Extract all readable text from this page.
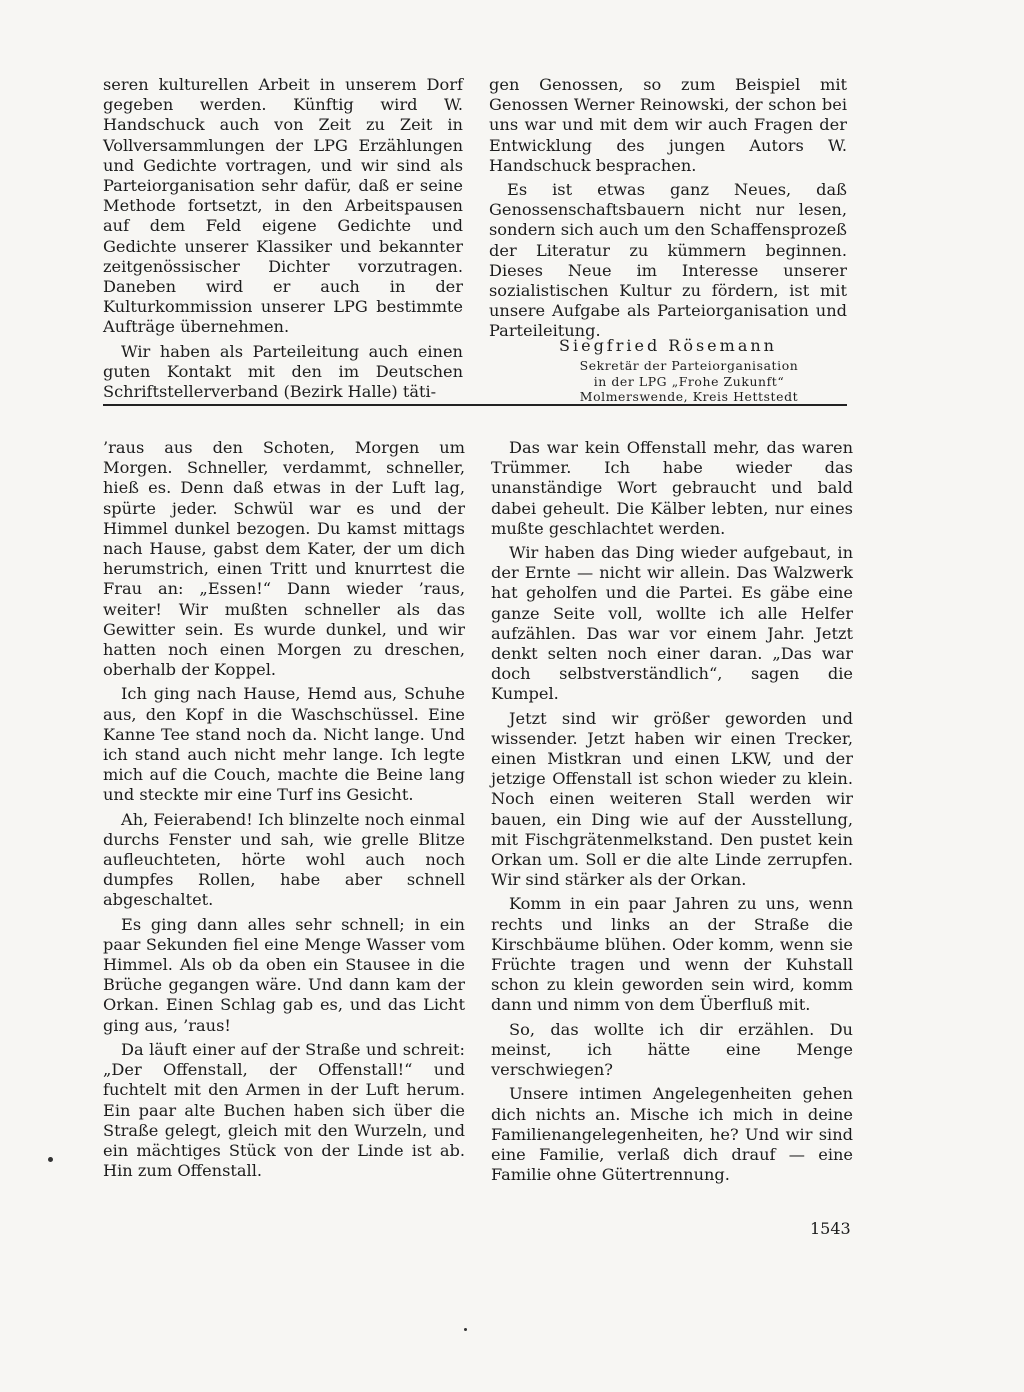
seren kulturellen Arbeit in unserem Dorf gegeben werden. Künftig wird W. Handschuck auch von Zeit zu Zeit in Vollversammlungen der LPG Erzählungen und Gedichte vortragen, und wir sind als Parteiorganisation sehr dafür, daß er seine Methode fortsetzt, in den Arbeitspausen auf dem Feld eigene Gedichte und Gedichte unserer Klassiker und bekannter zeitgenössischer Dichter vorzutragen. Daneben wird er auch in der Kulturkommission unserer LPG bestimmte Aufträge übernehmen.

Wir haben als Parteileitung auch einen guten Kontakt mit den im Deutschen Schriftstellerverband (Bezirk Halle) täti-

gen Genossen, so zum Beispiel mit Genossen Werner Reinowski, der schon bei uns war und mit dem wir auch Fragen der Entwicklung des jungen Autors W. Handschuck besprachen.

Es ist etwas ganz Neues, daß Genossenschaftsbauern nicht nur lesen, sondern sich auch um den Schaffensprozeß der Literatur zu kümmern beginnen. Dieses Neue im Interesse unserer sozialistischen Kultur zu fördern, ist mit unsere Aufgabe als Parteiorganisation und Parteileitung.

Siegfried Rösemann

Sekretär der Parteiorganisation

in der LPG „Frohe Zukunft“

Molmerswende, Kreis Hettstedt

’raus aus den Schoten, Morgen um Morgen. Schneller, verdammt, schneller, hieß es. Denn daß etwas in der Luft lag, spürte jeder. Schwül war es und der Himmel dunkel bezogen. Du kamst mittags nach Hause, gabst dem Kater, der um dich herumstrich, einen Tritt und knurrtest die Frau an: „Essen!“ Dann wieder ’raus, weiter! Wir mußten schneller als das Gewitter sein. Es wurde dunkel, und wir hatten noch einen Morgen zu dreschen, oberhalb der Koppel.

Ich ging nach Hause, Hemd aus, Schuhe aus, den Kopf in die Waschschüssel. Eine Kanne Tee stand noch da. Nicht lange. Und ich stand auch nicht mehr lange. Ich legte mich auf die Couch, machte die Beine lang und steckte mir eine Turf ins Gesicht.

Ah, Feierabend! Ich blinzelte noch einmal durchs Fenster und sah, wie grelle Blitze aufleuchteten, hörte wohl auch noch dumpfes Rollen, habe aber schnell abgeschaltet.

Es ging dann alles sehr schnell; in ein paar Sekunden fiel eine Menge Wasser vom Himmel. Als ob da oben ein Stausee in die Brüche gegangen wäre. Und dann kam der Orkan. Einen Schlag gab es, und das Licht ging aus, ’raus!

Da läuft einer auf der Straße und schreit: „Der Offenstall, der Offenstall!“ und fuchtelt mit den Armen in der Luft herum. Ein paar alte Buchen haben sich über die Straße gelegt, gleich mit den Wurzeln, und ein mächtiges Stück von der Linde ist ab. Hin zum Offenstall.

Das war kein Offenstall mehr, das waren Trümmer. Ich habe wieder das unanständige Wort gebraucht und bald dabei geheult. Die Kälber lebten, nur eines mußte geschlachtet werden.

Wir haben das Ding wieder aufgebaut, in der Ernte — nicht wir allein. Das Walzwerk hat geholfen und die Partei. Es gäbe eine ganze Seite voll, wollte ich alle Helfer aufzählen. Das war vor einem Jahr. Jetzt denkt selten noch einer daran. „Das war doch selbstverständlich“, sagen die Kumpel.

Jetzt sind wir größer geworden und wissender. Jetzt haben wir einen Trecker, einen Mistkran und einen LKW, und der jetzige Offenstall ist schon wieder zu klein. Noch einen weiteren Stall werden wir bauen, ein Ding wie auf der Ausstellung, mit Fischgrätenmelkstand. Den pustet kein Orkan um. Soll er die alte Linde zerrupfen. Wir sind stärker als der Orkan.

Komm in ein paar Jahren zu uns, wenn rechts und links an der Straße die Kirschbäume blühen. Oder komm, wenn sie Früchte tragen und wenn der Kuhstall schon zu klein geworden sein wird, komm dann und nimm von dem Überfluß mit.

So, das wollte ich dir erzählen. Du meinst, ich hätte eine Menge verschwiegen?

Unsere intimen Angelegenheiten gehen dich nichts an. Mische ich mich in deine Familienangelegenheiten, he? Und wir sind eine Familie, verlaß dich drauf — eine Familie ohne Gütertrennung.

1543
